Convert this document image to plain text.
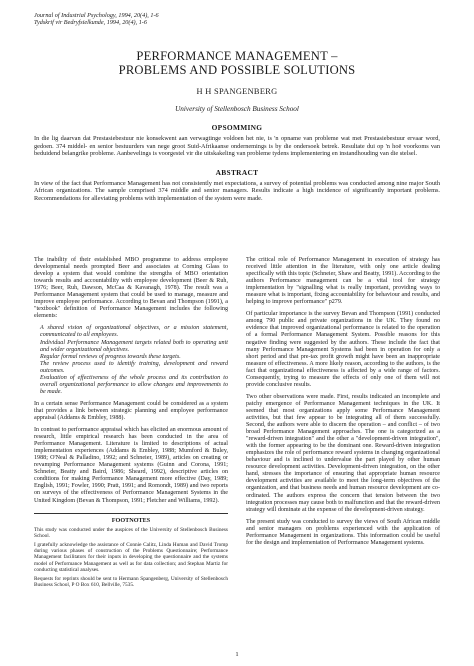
Journal of Industrial Psychology, 1994, 20(4), 1-6
Tydskrif vir Bedryfsielkunde, 1994, 20(4), 1-6
PERFORMANCE MANAGEMENT –
PROBLEMS AND POSSIBLE SOLUTIONS
H H SPANGENBERG
University of Stellenbosch Business School
OPSOMMING
In die lig daarvan dat Prestasiebestuur nie konsekwent aan verwagtinge voldoen het nie, is 'n opname van probleme wat met Prestasiebestuur ervaar word, gedoen. 374 middel- en senior bestuurders van nege groot Suid-Afrikaanse ondernemings is by die ondersoek betrek. Resultate dui op 'n hoë voorkoms van beduidend belangrike probleme. Aanbevelings is voorgestel vir die uitskakeling van probleme tydens implementering en instandhouding van die stelsel.
ABSTRACT
In view of the fact that Performance Management has not consistently met expectations, a survey of potential problems was conducted among nine major South African organizations. The sample comprised 374 middle and senior managers. Results indicate a high incidence of significantly important problems. Recommendations for alleviating problems with implementation of the system were made.

The inability of their established MBO programme to address employee developmental needs prompted Beer and associates at Corning Glass to develop a system that would combine the strengths of MBO orientation towards results and accountability with employee development (Beer & Ruh, 1976; Beer, Ruh, Dawson, McCaa & Kavanagh, 1978). The result was a Performance Management system that could be used to manage, measure and improve employee performance. According to Bevan and Thompson (1991), a "textbook" definition of Performance Management includes the following elements:

A shared vision of organizational objectives, or a mission statement, communicated to all employees.
Individual Performance Management targets related both to operating unit and wider organizational objectives.
Regular formal reviews of progress towards these targets.
The review process used to identify training, development and reward outcomes.
Evaluation of effectiveness of the whole process and its contribution to overall organizational performance to allow changes and improvements to be made.

In a certain sense Performance Management could be considered as a system that provides a link between strategic planning and employee performance appraisal (Addams & Embley, 1988).

In contrast to performance appraisal which has elicited an enormous amount of research, little empirical research has been conducted in the area of Performance Management. Literature is limited to descriptions of actual implementation experiences (Addams & Embley, 1988; Mumford & Buley, 1988; O'Neal & Palladino, 1992; and Schneier, 1989), articles on creating or revamping Performance Management systems (Guinn and Corona, 1991; Schneier, Beatty and Baird, 1986; Sheard, 1992), descriptive articles on conditions for making Performance Management more effective (Day, 1989; English, 1991; Fowler, 1990; Pratt, 1991; and Romondt, 1989) and two reports on surveys of the effectiveness of Performance Management Systems in the United Kingdom (Bevan & Thompson, 1991; Fletcher and Williams, 1992).

FOOTNOTES
This study was conducted under the auspices of the University of Stellenbosch Business School.
I gratefully acknowledge the assistance of Connie Calitz, Linda Human and David Tromp during various phases of construction of the Problems Questionnaire; Performance Management facilitators for their inputs in developing the questionnaire and the systems model of Performance Management as well as for data collection; and Stephan Martiz for conducting statistical analyses.
Requests for reprints should be sent to Hermann Spangenberg, University of Stellenbosch Business School, P O Box 610, Bellville, 7535.

The critical role of Performance Management in execution of strategy has received little attention in the literature, with only one article dealing specifically with this topic (Schneier, Shaw and Beatty, 1991). According to the authors Performance management can be a vital tool for strategy implementation by "signalling what is really important, providing ways to measure what is important, fixing accountability for behaviour and results, and helping to improve performance" p279.

Of particular importance is the survey Bevan and Thompson (1991) conducted among 790 public and private organizations in the UK. They found no evidence that improved organizational performance is related to the operation of a formal Performance Management System. Possible reasons for this negative finding were suggested by the authors. These include the fact that many Performance Management Systems had been in operation for only a short period and that pre-tax profit growth might have been an inappropriate measure of effectiveness. A more likely reason, according to the authors, is the fact that organizational effectiveness is affected by a wide range of factors. Consequently, trying to measure the effects of only one of them will not provide conclusive results.

Two other observations were made. First, results indicated an incomplete and patchy emergence of Performance Management techniques in the UK. It seemed that most organizations apply some Performance Management activities, but that few appear to be integrating all of them successfully. Second, the authors were able to discern the operation – and conflict – of two broad Performance Management approaches. The one is categorized as a "reward-driven integration" and the other a "development-driven integration", with the former appearing to be the dominant one. Reward-driven integration emphasizes the role of performance reward systems in changing organizational behaviour and is inclined to undervalue the part played by other human resource development activities. Development-driven integration, on the other hand, stresses the importance of ensuring that appropriate human resource development activities are available to meet the long-term objectives of the organization, and that business needs and human resource development are co-ordinated. The authors express the concern that tension between the two integration processes may cause both to malfunction and that the reward-driven strategy will dominate at the expense of the development-driven strategy.

The present study was conducted to survey the views of South African middle and senior managers on problems experienced with the application of Performance Management in organizations. This information could be useful for the design and implementation of Performance Management systems.

1
